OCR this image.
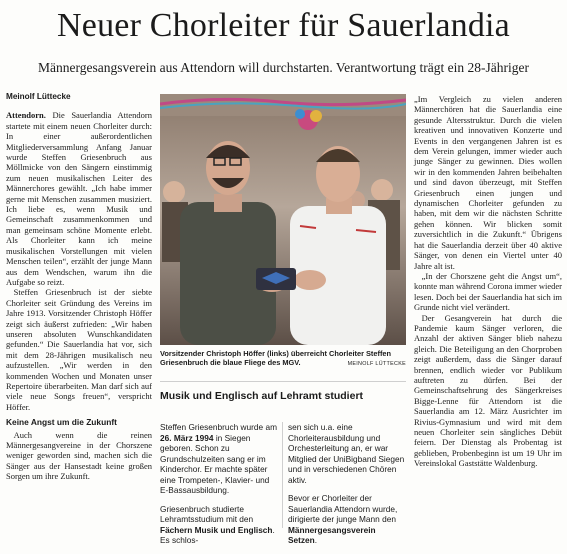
Neuer Chorleiter für Sauerlandia
Männergesangsverein aus Attendorn will durchstarten. Verantwortung trägt ein 28-Jähriger
Meinolf Lüttecke

Attendorn. Die Sauerlandia Attendorn startete mit einem neuen Chorleiter durch: In einer außerordentlichen Mitgliederversammlung Anfang Januar wurde Steffen Griesenbruch aus Möllmicke von den Sängern einstimmig zum neuen musikalischen Leiter des Männerchores gewählt. „Ich habe immer gerne mit Menschen zusammen musiziert. Ich liebe es, wenn Musik und Gemeinschaft zusammenkommen und man gemeinsam schöne Momente erlebt. Als Chorleiter kann ich meine musikalischen Vorstellungen mit vielen Menschen teilen“, erzählt der junge Mann aus dem Wendschen, warum ihn die Aufgabe so reizt.

Steffen Griesenbruch ist der siebte Chorleiter seit Gründung des Vereins im Jahre 1913. Vorsitzender Christoph Höffer zeigt sich äußerst zufrieden: „Wir haben unseren absoluten Wunschkandidaten gefunden.“ Die Sauerlandia hat vor, sich mit dem 28-Jährigen musikalisch neu aufzustellen. „Wir werden in den kommenden Wochen und Monaten unser Repertoire überarbeiten. Man darf sich auf viele neue Songs freuen“, verspricht Höffer.

Keine Angst um die Zukunft

Auch wenn die reinen Männergesangvereine in der Chorszene weniger geworden sind, machen sich die Sänger aus der Hansestadt keine großen Sorgen um ihre Zukunft.

Vorsitzender Christoph Höffer (links) überreicht Chorleiter Steffen Griesenbruch die blaue Fliege des MGV.	MEINOLF LÜTTECKE
Musik und Englisch auf Lehramt studiert

Steffen Griesenbruch wurde am 26. März 1994 in Siegen geboren. Schon zu Grundschulzeiten sang er im Kinderchor. Er machte später eine Trompeten-, Klavier- und E-Bassausbildung.

Griesenbruch studierte Lehramtsstudium mit den Fächern Musik und Englisch. Es schlos-

sen sich u.a. eine Chorleiterausbildung und Orchesterleitung an, er war Mitglied der UniBigband Siegen und in verschiedenen Chören aktiv.

Bevor er Chorleiter der Sauerlandia Attendorn wurde, dirigierte der junge Mann den Männergesangsverein Setzen.

„Im Vergleich zu vielen anderen Männerchören hat die Sauerlandia eine gesunde Altersstruktur. Durch die vielen kreativen und innovativen Konzerte und Events in den vergangenen Jahren ist es dem Verein gelungen, immer wieder auch junge Sänger zu gewinnen. Dies wollen wir in den kommenden Jahren beibehalten und sind davon überzeugt, mit Steffen Griesenbruch einen jungen und dynamischen Chorleiter gefunden zu haben, mit dem wir die nächsten Schritte gehen können. Wir blicken somit zuversichtlich in die Zukunft.“ Übrigens hat die Sauerlandia derzeit über 40 aktive Sänger, von denen ein Viertel unter 40 Jahre alt ist.

„In der Chorszene geht die Angst um“, konnte man während Corona immer wieder lesen. Doch bei der Sauerlandia hat sich im Grunde nicht viel verändert.

Der Gesangverein hat durch die Pandemie kaum Sänger verloren, die Anzahl der aktiven Sänger blieb nahezu gleich. Die Beteiligung an den Chorproben zeigt außerdem, dass die Sänger darauf brennen, endlich wieder vor Publikum auftreten zu dürfen. Bei der Gemeinschaftsehrung des Sängerkreises Bigge-Lenne für Attendorn ist die Sauerlandia am 12. März Ausrichter im Rivius-Gymnasium und wird mit dem neuen Chorleiter sein sängliches Debüt feiern. Der Dienstag als Probentag ist geblieben, Probenbeginn ist um 19 Uhr im Vereinslokal Gaststätte Waldenburg.
